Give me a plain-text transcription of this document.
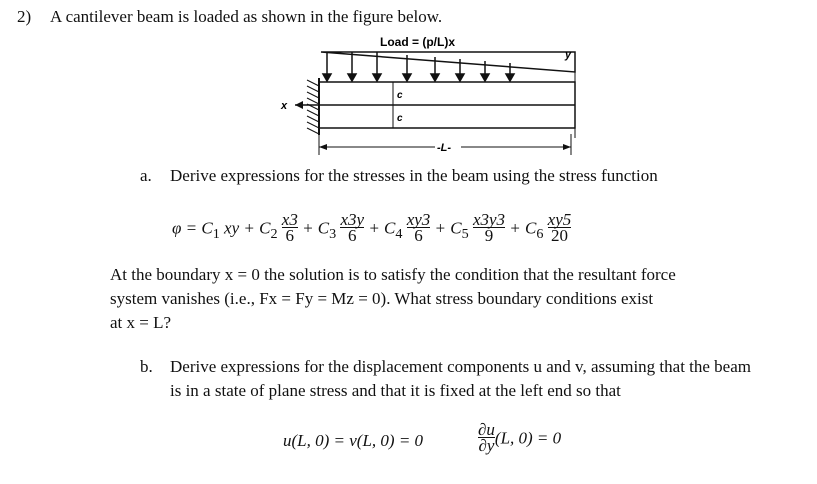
2) A cantilever beam is loaded as shown in the figure below.
Load = (p/L)x
x
y
c
c
-L-
a. Derive expressions for the stresses in the beam using the stress function
$\varphi = C_1$ xy + $C_2 \frac{x3}{6} + C_3 \frac{x3y}{6} + C_4 \frac{xy3}{6} + C_5 \frac{x3y3}{9} + C_6 \frac{xy5}{20}$
At the boundary x = 0 the solution is to satisfy the condition that the resultant force
system vanishes (i.e., Fx = Fy = Mz = 0). What stress boundary conditions exist
at x = L?
b. Derive expressions for the displacement components u and v, assuming that the beam
is in a state of plane stress and that it is fixed at the left end so that
u(L, 0) = v(L, 0) = 0	$\frac{\partial u}{\partial y} (L$, 0) = 0
